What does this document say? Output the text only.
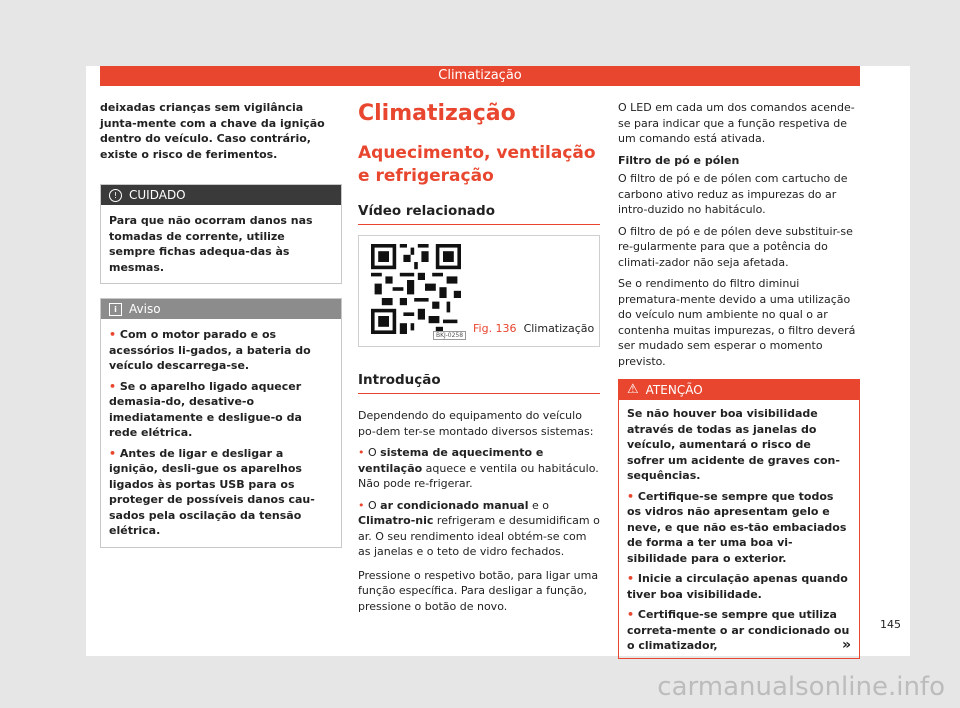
Climatização

deixadas crianças sem vigilância junta-mente com a chave da ignição dentro do veículo. Caso contrário, existe o risco de ferimentos.

! CUIDADO

Para que não ocorram danos nas tomadas de corrente, utilize sempre fichas adequa-das às mesmas.

i	Aviso

• Com o motor parado e os acessórios li-gados, a bateria do veículo descarrega-se.

• Se o aparelho ligado aquecer demasia-do, desative-o imediatamente e desligue-o da rede elétrica.

• Antes de ligar e desligar a ignição, desli-gue os aparelhos ligados às portas USB para os proteger de possíveis danos cau-sados pela oscilação da tensão elétrica.

Climatização
Aquecimento, ventilação e refrigeração
Vídeo relacionado
BKJ-0258
Fig. 136 Climatização
Introdução

Dependendo do equipamento do veículo po-dem ter-se montado diversos sistemas:

• O sistema de aquecimento e ventilação aquece e ventila ou habitáculo. Não pode re-frigerar.

• O ar condicionado manual e o Climatro-nic refrigeram e desumidificam o ar. O seu rendimento ideal obtém-se com as janelas e o teto de vidro fechados.

Pressione o respetivo botão, para ligar uma função específica. Para desligar a função, pressione o botão de novo.

O LED em cada um dos comandos acende-se para indicar que a função respetiva de um comando está ativada.

Filtro de pó e pólen

O filtro de pó e de pólen com cartucho de carbono ativo reduz as impurezas do ar intro-duzido no habitáculo.

O filtro de pó e de pólen deve substituir-se re-gularmente para que a potência do climati-zador não seja afetada.

Se o rendimento do filtro diminui prematura-mente devido a uma utilização do veículo num ambiente no qual o ar contenha muitas impurezas, o filtro deverá ser mudado sem esperar o momento previsto.

⚠ ATENÇÃO

Se não houver boa visibilidade através de todas as janelas do veículo, aumentará o risco de sofrer um acidente de graves con-sequências.

• Certifique-se sempre que todos os vidros não apresentam gelo e neve, e que não es-tão embaciados de forma a ter uma boa vi-sibilidade para o exterior.

• Inicie a circulação apenas quando tiver boa visibilidade.

• Certifique-se sempre que utiliza correta-mente o ar condicionado ou o climatizador,	»

145
carmanualsonline.info
